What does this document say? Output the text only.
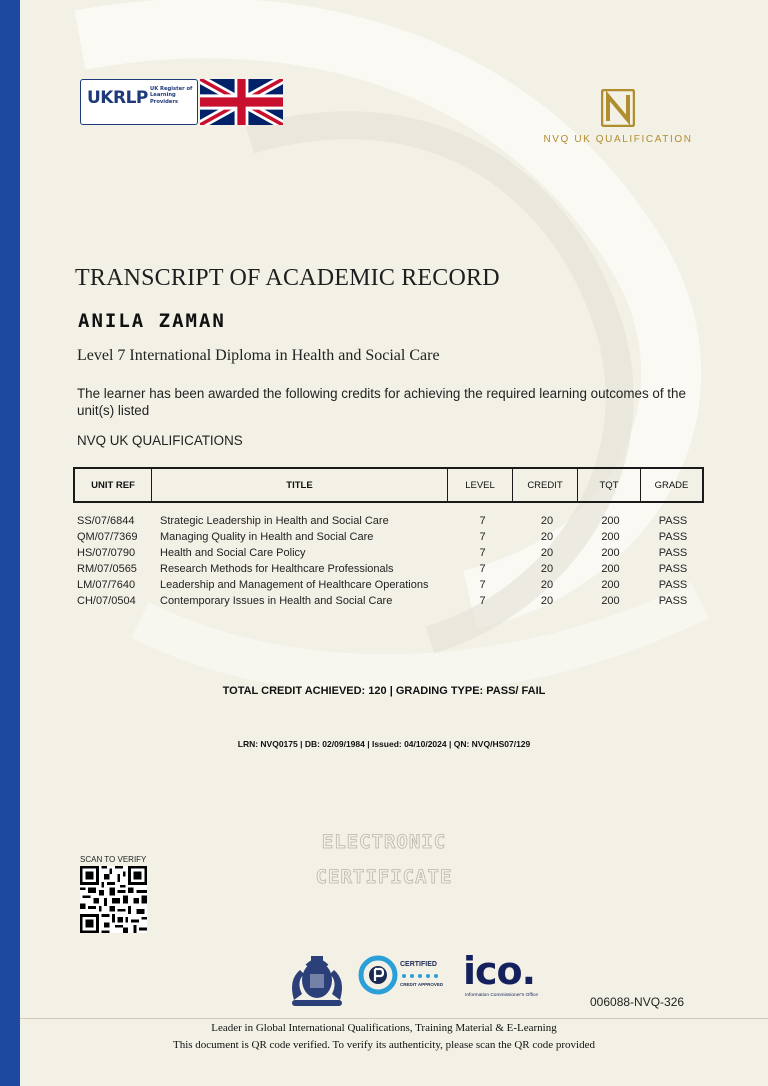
UKRLP UK Register of Learning Providers
NVQ UK QUALIFICATION
TRANSCRIPT OF ACADEMIC RECORD
ANILA ZAMAN
Level 7 International Diploma in Health and Social Care
The learner has been awarded the following credits for achieving the required learning outcomes of the unit(s) listed
NVQ UK QUALIFICATIONS
UNIT REF	TITLE	LEVEL	CREDIT	TQT	GRADE
SS/07/6844	Strategic Leadership in Health and Social Care	7	20	200	PASS
QM/07/7369	Managing Quality in Health and Social Care	7	20	200	PASS
HS/07/0790	Health and Social Care Policy	7	20	200	PASS
RM/07/0565	Research Methods for Healthcare Professionals	7	20	200	PASS
LM/07/7640	Leadership and Management of Healthcare Operations	7	20	200	PASS
CH/07/0504	Contemporary Issues in Health and Social Care	7	20	200	PASS
TOTAL CREDIT ACHIEVED: 120 | GRADING TYPE: PASS/ FAIL
LRN: NVQ0175 | DB: 02/09/1984 | Issued: 04/10/2024 | QN: NVQ/HS07/129
ELECTRONIC
CERTIFICATE
SCAN TO VERIFY
CERTIFIED
CREDIT APPROVED ico.
Information Commissioner's Office	006088-NVQ-326
Leader in Global International Qualifications, Training Material & E-Learning
This document is QR code verified. To verify its authenticity, please scan the QR code provided
